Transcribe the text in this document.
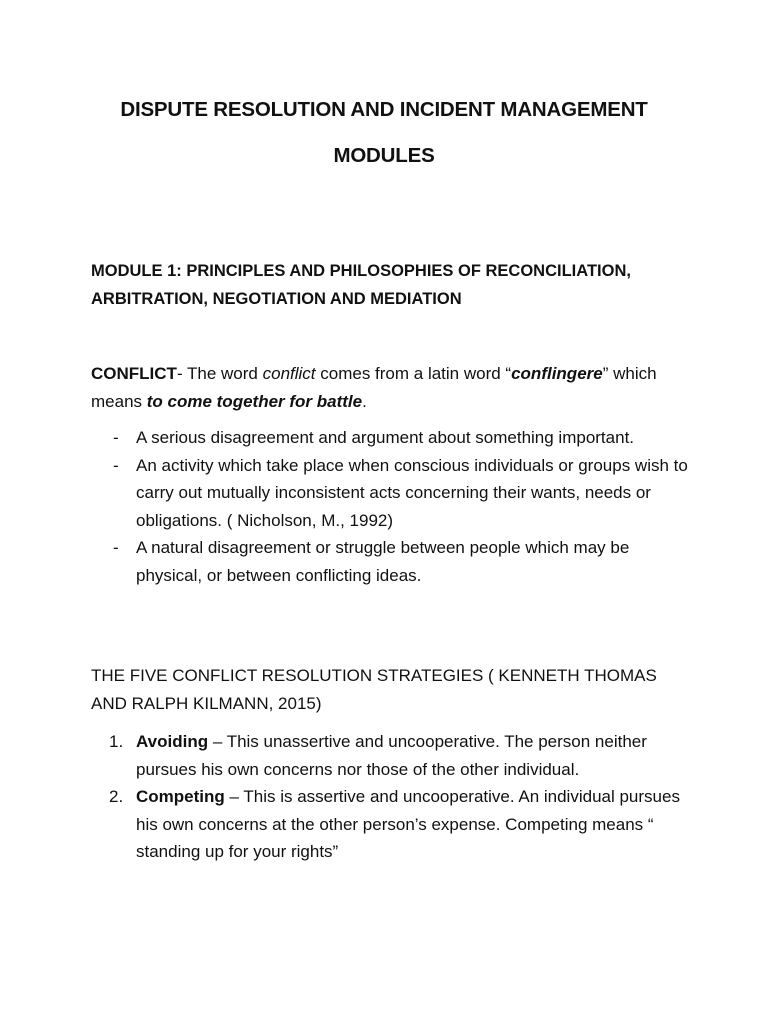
DISPUTE RESOLUTION AND INCIDENT MANAGEMENT
MODULES
MODULE 1: PRINCIPLES AND PHILOSOPHIES OF RECONCILIATION, ARBITRATION, NEGOTIATION AND MEDIATION
CONFLICT- The word conflict comes from a latin word “conflingere” which means to come together for battle.
- A serious disagreement and argument about something important.
- An activity which take place when conscious individuals or groups wish to carry out mutually inconsistent acts concerning their wants, needs or obligations. ( Nicholson, M., 1992)
- A natural disagreement or struggle between people which may be physical, or between conflicting ideas.
THE FIVE CONFLICT RESOLUTION STRATEGIES ( KENNETH THOMAS AND RALPH KILMANN, 2015)
1. Avoiding – This unassertive and uncooperative. The person neither pursues his own concerns nor those of the other individual.
2. Competing – This is assertive and uncooperative. An individual pursues his own concerns at the other person’s expense. Competing means “ standing up for your rights”
